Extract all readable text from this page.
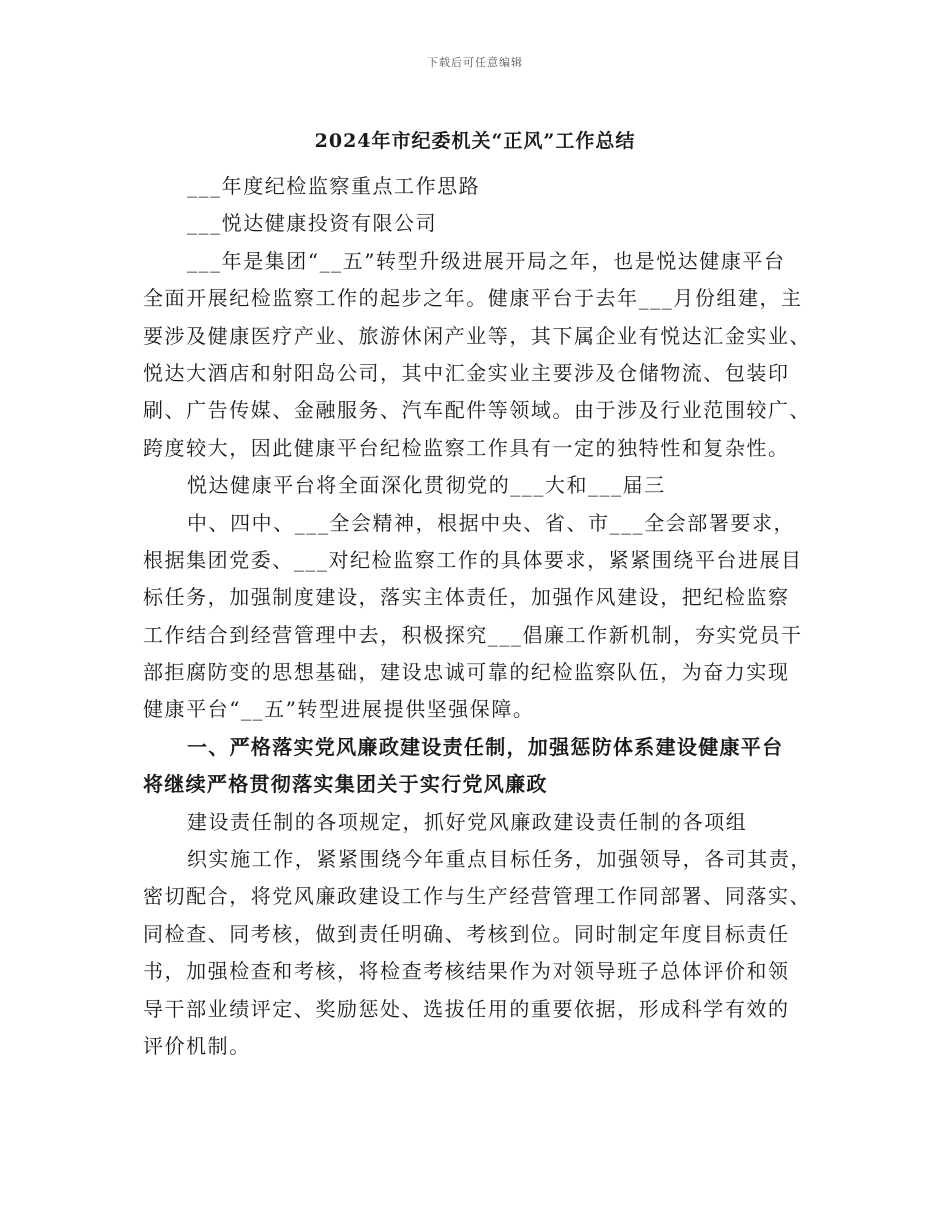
下载后可任意编辑
2024年市纪委机关“正风”工作总结
___年度纪检监察重点工作思路
___悦达健康投资有限公司
___年是集团“__五”转型升级进展开局之年，也是悦达健康平台
全面开展纪检监察工作的起步之年。健康平台于去年___月份组建，主
要涉及健康医疗产业、旅游休闲产业等，其下属企业有悦达汇金实业、
悦达大酒店和射阳岛公司，其中汇金实业主要涉及仓储物流、包装印
刷、广告传媒、金融服务、汽车配件等领域。由于涉及行业范围较广、
跨度较大，因此健康平台纪检监察工作具有一定的独特性和复杂性。
悦达健康平台将全面深化贯彻党的___大和___届三
中、四中、___全会精神，根据中央、省、市___全会部署要求，
根据集团党委、___对纪检监察工作的具体要求，紧紧围绕平台进展目
标任务，加强制度建设，落实主体责任，加强作风建设，把纪检监察
工作结合到经营管理中去，积极探究___倡廉工作新机制，夯实党员干
部拒腐防变的思想基础，建设忠诚可靠的纪检监察队伍，为奋力实现
健康平台“__五”转型进展提供坚强保障。
一、严格落实党风廉政建设责任制，加强惩防体系建设健康平台
将继续严格贯彻落实集团关于实行党风廉政
建设责任制的各项规定，抓好党风廉政建设责任制的各项组
织实施工作，紧紧围绕今年重点目标任务，加强领导，各司其责，
密切配合，将党风廉政建设工作与生产经营管理工作同部署、同落实、
同检查、同考核，做到责任明确、考核到位。同时制定年度目标责任
书，加强检查和考核，将检查考核结果作为对领导班子总体评价和领
导干部业绩评定、奖励惩处、选拔任用的重要依据，形成科学有效的
评价机制。
